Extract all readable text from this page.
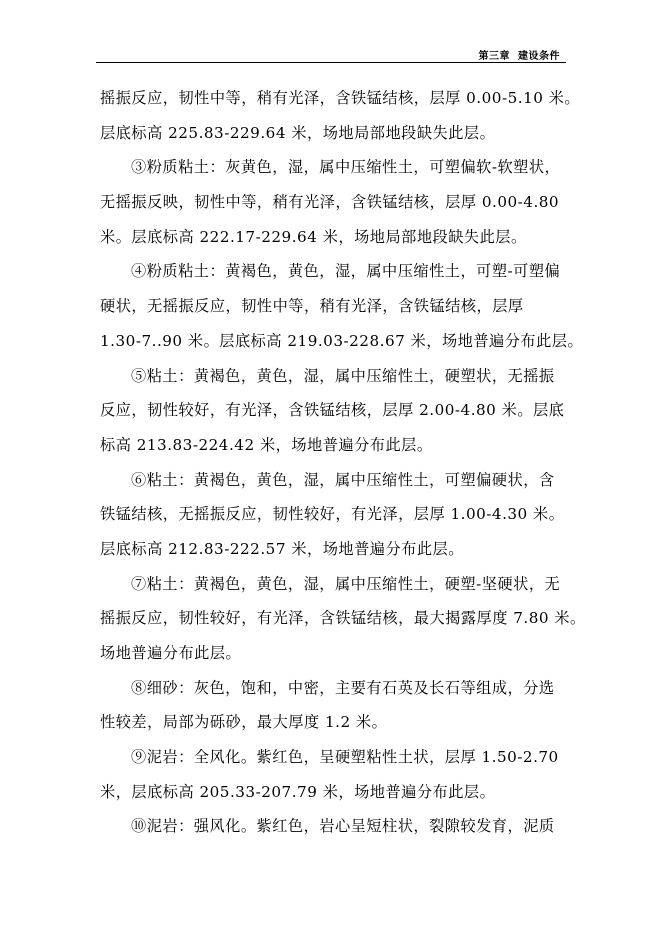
第三章  建设条件

摇振反应，韧性中等，稍有光泽，含铁锰结核，层厚 0.00-5.10 米。
层底标高 225.83-229.64 米，场地局部地段缺失此层。

③粉质粘土：灰黄色，湿，属中压缩性土，可塑偏软-软塑状，
无摇振反映，韧性中等，稍有光泽，含铁锰结核，层厚 0.00-4.80
米。层底标高 222.17-229.64 米，场地局部地段缺失此层。

④粉质粘土：黄褐色，黄色，湿，属中压缩性土，可塑-可塑偏
硬状，无摇振反应，韧性中等，稍有光泽，含铁锰结核，层厚
1.30-7..90 米。层底标高 219.03-228.67 米，场地普遍分布此层。

⑤粘土：黄褐色，黄色，湿，属中压缩性土，硬塑状，无摇振
反应，韧性较好，有光泽，含铁锰结核，层厚 2.00-4.80 米。层底
标高 213.83-224.42 米，场地普遍分布此层。

⑥粘土：黄褐色，黄色，湿，属中压缩性土，可塑偏硬状，含
铁锰结核，无摇振反应，韧性较好，有光泽，层厚 1.00-4.30 米。
层底标高 212.83-222.57 米，场地普遍分布此层。

⑦粘土：黄褐色，黄色，湿，属中压缩性土，硬塑-坚硬状，无
摇振反应，韧性较好，有光泽，含铁锰结核，最大揭露厚度 7.80 米。
场地普遍分布此层。

⑧细砂：灰色，饱和，中密，主要有石英及长石等组成，分选
性较差，局部为砾砂，最大厚度 1.2 米。

⑨泥岩：全风化。紫红色，呈硬塑粘性土状，层厚 1.50-2.70
米，层底标高 205.33-207.79 米，场地普遍分布此层。

⑩泥岩：强风化。紫红色，岩心呈短柱状，裂隙较发育，泥质
